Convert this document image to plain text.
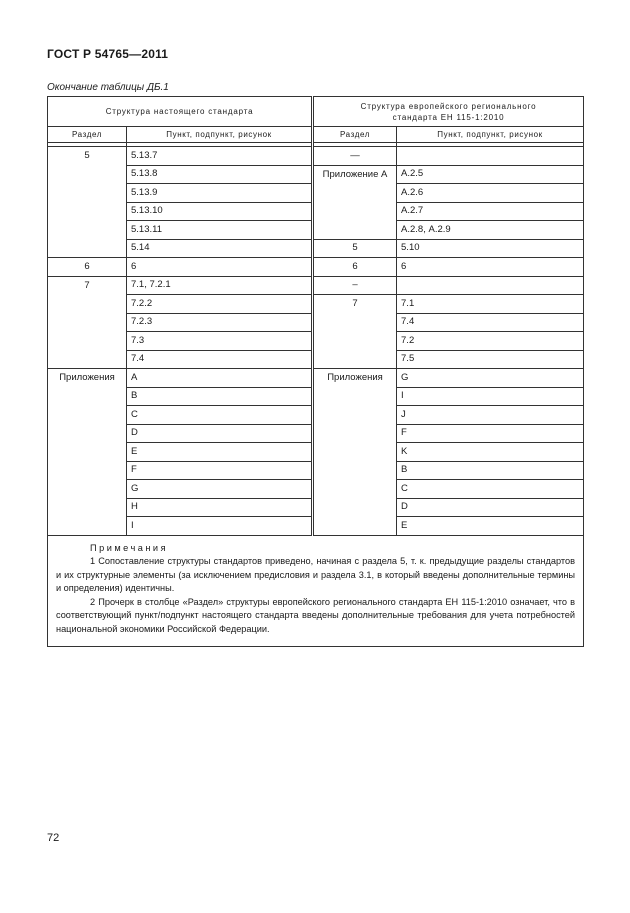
ГОСТ Р 54765—2011
Окончание таблицы ДБ.1
Структура настоящего стандарта		Структура европейского регионального
стандарта ЕН 115-1:2010	
Раздел	Пункт, подпункт, рисунок	Раздел	Пункт, подпункт, рисунок

5	5.13.7	—	
	5.13.8	Приложение А	А.2.5
	5.13.9		А.2.6
	5.13.10		А.2.7
	5.13.11		А.2.8, А.2.9
	5.14	5	5.10
6	6	6	6
7	7.1, 7.2.1	–	
	7.2.2	7	7.1
	7.2.3		7.4
	7.3		7.2
	7.4		7.5
Приложения	А	Приложения	G
	B		I
	C		J
	D		F
	E		K
	F		B
	G		C
	H		D
	I		E

Примечания

1 Сопоставление структуры стандартов приведено, начиная с раздела 5, т. к. предыдущие разделы стандартов и их структурные элементы (за исключением предисловия и раздела 3.1, в который введены дополнительные термины и определения) идентичны.

2 Прочерк в столбце «Раздел» структуры европейского регионального стандарта ЕН 115-1:2010 означает, что в соответствующий пункт/подпункт настоящего стандарта введены дополнительные требования для учета потребностей национальной экономики Российской Федерации.			

72
